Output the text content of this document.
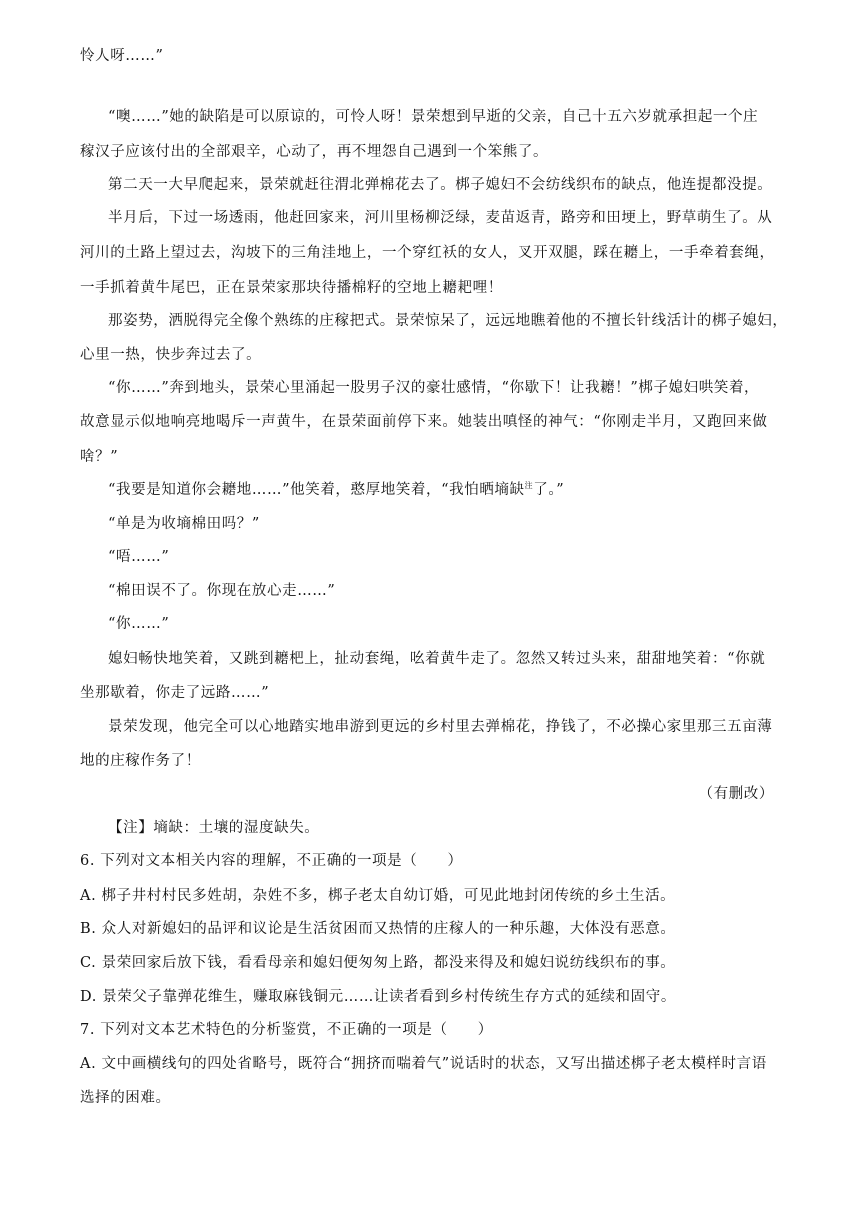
怜人呀……”
“噢……”她的缺陷是可以原谅的，可怜人呀！景荣想到早逝的父亲，自己十五六岁就承担起一个庄
稼汉子应该付出的全部艰辛，心动了，再不埋怨自己遇到一个笨熊了。
第二天一大早爬起来，景荣就赶往渭北弹棉花去了。梆子媳妇不会纺线织布的缺点，他连提都没提。
半月后，下过一场透雨，他赶回家来，河川里杨柳泛绿，麦苗返青，路旁和田埂上，野草萌生了。从
河川的土路上望过去，沟坡下的三角洼地上，一个穿红袄的女人，叉开双腿，踩在耱上，一手牵着套绳，
一手抓着黄牛尾巴，正在景荣家那块待播棉籽的空地上耱耙哩！
那姿势，洒脱得完全像个熟练的庄稼把式。景荣惊呆了，远远地瞧着他的不擅长针线活计的梆子媳妇，
心里一热，快步奔过去了。
“你……”奔到地头，景荣心里涌起一股男子汉的豪壮感情，“你歇下！让我耱！”梆子媳妇哄笑着，
故意显示似地响亮地喝斥一声黄牛，在景荣面前停下来。她装出嗔怪的神气：“你刚走半月，又跑回来做
啥？”
“我要是知道你会耱地……”他笑着，憨厚地笑着，“我怕晒墒缺$^注$了。”
“单是为收墒棉田吗？”
“唔……”
“棉田误不了。你现在放心走……”
“你……”
媳妇畅快地笑着，又跳到耱杷上，扯动套绳，吆着黄牛走了。忽然又转过头来，甜甜地笑着：“你就
坐那歇着，你走了远路……”
景荣发现，他完全可以心地踏实地串游到更远的乡村里去弹棉花，挣钱了，不必操心家里那三五亩薄
地的庄稼作务了！
（有删改）
【注】墒缺：土壤的湿度缺失。
6. 下列对文本相关内容的理解，不正确的一项是（　　）
A. 梆子井村村民多姓胡，杂姓不多，梆子老太自幼订婚，可见此地封闭传统的乡土生活。
B. 众人对新媳妇的品评和议论是生活贫困而又热情的庄稼人的一种乐趣，大体没有恶意。
C. 景荣回家后放下钱，看看母亲和媳妇便匆匆上路，都没来得及和媳妇说纺线织布的事。
D. 景荣父子靠弹花维生，赚取麻钱铜元……让读者看到乡村传统生存方式的延续和固守。
7. 下列对文本艺术特色的分析鉴赏，不正确的一项是（　　）
A. 文中画横线句的四处省略号，既符合“拥挤而喘着气”说话时的状态，又写出描述梆子老太模样时言语
选择的困难。
